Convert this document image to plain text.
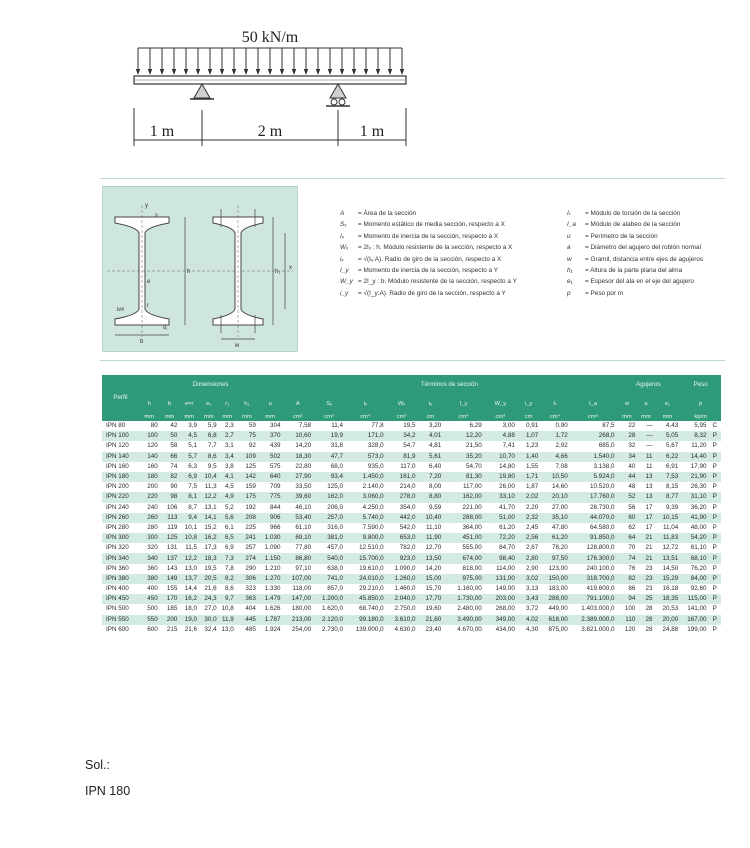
50 kN/m
1 m	2 m	1 m
y
x
h
b
s
r
h₁
e
b/4
w
d₁
A = Área de la sección
Sₓ = Momento estático de media sección, respecto a X
Iₓ = Momento de inercia de la sección, respecto a X
Wₓ = 2Iₓ : h. Módulo resistente de la sección, respecto a X
iₓ = √(Iₓ:A). Radio de giro de la sección, respecto a X
I_y = Momento de inercia de la sección, respecto a Y
W_y = 2I_y : b. Módulo resistente de la sección, respecto a Y
i_y = √(I_y:A). Radio de giro de la sección, respecto a Y
Iₜ = Módulo de torsión de la sección
I_a = Módulo de alabeo de la sección
u = Perímetro de la sección
a = Diámetro del agujero del roblón normal
w = Gramil, distancia entre ejes de agujeros
h₁ = Altura de la parte plana del alma
e₁ = Espesor del ala en el eje del agujero
p = Peso por m
Perfil	Dimensiones							Términos de sección										Agujeros			Peso	
	h	b	e=r	e₁	r₁	h₁	u	A	Sₓ	Iₓ	Wₓ	iₓ	I_y	W_y	i_y	Iₜ	I_a	w	a	e₁	p	
	mm	mm	mm	mm	mm	mm	mm	cm²	cm³	cm⁴	cm³	cm	cm⁴	cm³	cm	cm⁴	cm⁶	mm	mm	mm	kp/m	
IPN 80	80	42	3,9	5,9	2,3	59	304	7,58	11,4	77,8	19,5	3,20	6,29	3,00	0,91	0,90	87,5	22	—	4,43	5,95	C
IPN 100	100	50	4,5	6,8	2,7	75	370	10,60	19,9	171,0	34,2	4,01	12,20	4,88	1,07	1,72	268,0	28	—	5,05	8,32	P
IPN 120	120	58	5,1	7,7	3,1	92	439	14,20	31,8	328,0	54,7	4,81	21,50	7,41	1,23	2,92	685,0	32	—	5,67	11,20	P
IPN 140	140	66	5,7	8,6	3,4	109	502	18,30	47,7	573,0	81,9	5,61	35,20	10,70	1,40	4,66	1.540,0	34	11	6,22	14,40	P
IPN 160	160	74	6,3	9,5	3,8	125	575	22,80	68,0	935,0	117,0	6,40	54,70	14,80	1,55	7,08	3.138,0	40	11	6,91	17,90	P
IPN 180	180	82	6,9	10,4	4,1	142	640	27,90	93,4	1.450,0	161,0	7,20	81,30	19,80	1,71	10,50	5.924,0	44	13	7,53	21,90	P
IPN 200	200	90	7,5	11,3	4,5	159	709	33,50	125,0	2.140,0	214,0	8,00	117,00	26,00	1,87	14,60	10.520,0	48	13	8,15	26,30	P
IPN 220	220	98	8,1	12,2	4,9	175	775	39,60	162,0	3.060,0	278,0	8,80	162,00	33,10	2,02	20,10	17.760,0	52	13	8,77	31,10	P
IPN 240	240	106	8,7	13,1	5,2	192	844	46,10	206,0	4.250,0	354,0	9,59	221,00	41,70	2,20	27,00	28.730,0	56	17	9,39	36,20	P
IPN 260	260	113	9,4	14,1	5,6	208	906	53,40	257,0	5.740,0	442,0	10,40	288,00	51,00	2,32	35,10	44.070,0	60	17	10,15	41,90	P
IPN 280	280	119	10,1	15,2	6,1	225	966	61,10	316,0	7.590,0	542,0	11,10	364,00	61,20	2,45	47,80	64.580,0	62	17	11,04	48,00	P
IPN 300	300	125	10,8	16,2	6,5	241	1.030	69,10	381,0	9.800,0	653,0	11,90	451,00	72,20	2,56	61,20	91.850,0	64	21	11,83	54,20	P
IPN 320	320	131	11,5	17,3	6,9	257	1.090	77,80	457,0	12.510,0	782,0	12,70	555,00	84,70	2,67	78,20	128.800,0	70	21	12,72	61,10	P
IPN 340	340	137	12,2	18,3	7,3	274	1.150	86,80	540,0	15.700,0	923,0	13,50	674,00	98,40	2,80	97,50	176.300,0	74	21	13,51	68,10	P
IPN 360	360	143	13,0	19,5	7,8	290	1.210	97,10	638,0	19.610,0	1.090,0	14,20	818,00	114,00	2,90	123,00	240.100,0	76	23	14,50	76,20	P
IPN 380	380	149	13,7	20,5	8,2	306	1.270	107,00	741,0	24.010,0	1.260,0	15,00	975,00	131,00	3,02	150,00	318.700,0	82	23	15,29	84,00	P
IPN 400	400	155	14,4	21,6	8,6	323	1.330	118,00	857,0	29.210,0	1.460,0	15,70	1.160,00	149,00	3,13	183,00	419.600,0	86	23	16,18	92,60	P
IPN 450	450	170	16,2	24,3	9,7	363	1.479	147,00	1.200,0	45.850,0	2.040,0	17,70	1.730,00	203,00	3,43	288,00	791.100,0	94	25	18,35	115,00	P
IPN 500	500	185	18,0	27,0	10,8	404	1.626	180,00	1.620,0	68.740,0	2.750,0	19,60	2.480,00	268,00	3,72	449,00	1.403.000,0	100	28	20,53	141,00	P
IPN 550	550	200	19,0	30,0	11,9	445	1.787	213,00	2.120,0	99.180,0	3.610,0	21,60	3.490,00	349,00	4,02	618,00	2.389.000,0	110	28	20,00	167,00	P
IPN 600	600	215	21,6	32,4	13,0	485	1.924	254,00	2.730,0	139.000,0	4.630,0	23,40	4.670,00	434,00	4,30	875,00	3.821.000,0	120	28	24,88	199,00	P
Sol.:
IPN 180
